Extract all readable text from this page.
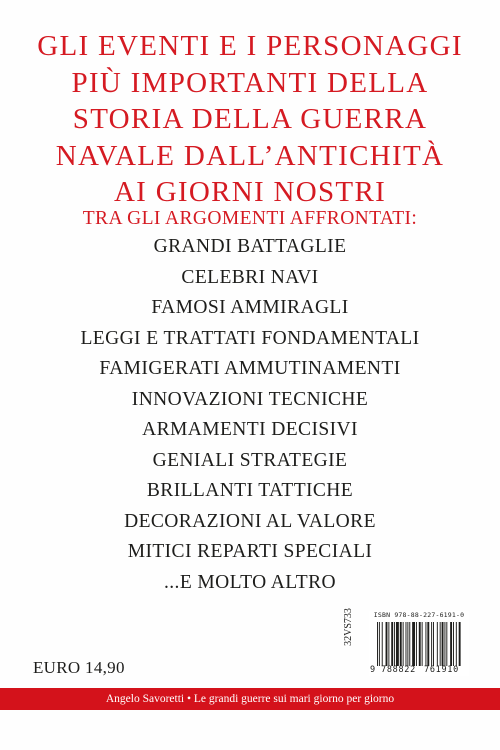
GLI EVENTI E I PERSONAGGI
PIÙ IMPORTANTI DELLA
STORIA DELLA GUERRA
NAVALE DALL’ANTICHITÀ
AI GIORNI NOSTRI
TRA GLI ARGOMENTI AFFRONTATI:
GRANDI BATTAGLIE
CELEBRI NAVI
FAMOSI AMMIRAGLI
LEGGI E TRATTATI FONDAMENTALI
FAMIGERATI AMMUTINAMENTI
INNOVAZIONI TECNICHE
ARMAMENTI DECISIVI
GENIALI STRATEGIE
BRILLANTI TATTICHE
DECORAZIONI AL VALORE
MITICI REPARTI SPECIALI
...E MOLTO ALTRO
EURO 14,90
32VS733	ISBN 978-88-227-6191-0
9 788822 761910
Angelo Savoretti • Le grandi guerre sui mari giorno per giorno
